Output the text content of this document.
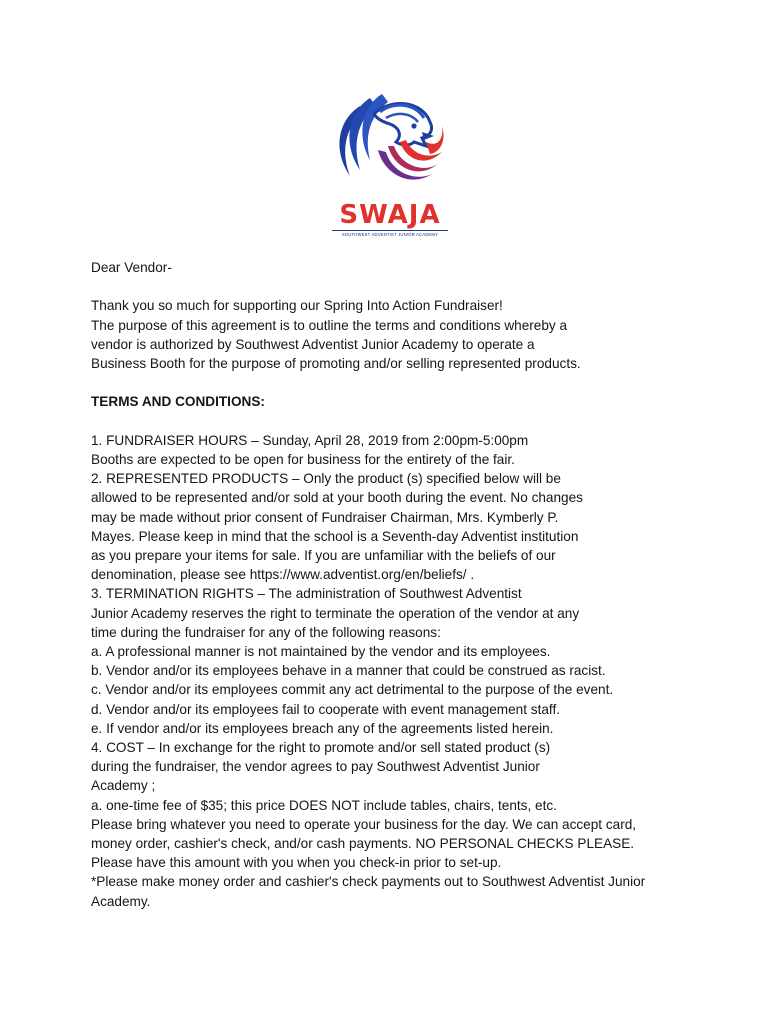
SWAJA
SOUTHWEST ADVENTIST JUNIOR ACADEMY

Dear Vendor-

Thank you so much for supporting our Spring Into Action Fundraiser!

The purpose of this agreement is to outline the terms and conditions whereby a

vendor is authorized by Southwest Adventist Junior Academy to operate a

Business Booth for the purpose of promoting and/or selling represented products.

TERMS AND CONDITIONS:

1. FUNDRAISER HOURS – Sunday, April 28, 2019 from 2:00pm-5:00pm

Booths are expected to be open for business for the entirety of the fair.

2. REPRESENTED PRODUCTS – Only the product (s) specified below will be

allowed to be represented and/or sold at your booth during the event. No changes

may be made without prior consent of Fundraiser Chairman, Mrs. Kymberly P.

Mayes. Please keep in mind that the school is a Seventh-day Adventist institution

as you prepare your items for sale. If you are unfamiliar with the beliefs of our

denomination, please see https://www.adventist.org/en/beliefs/ .

3. TERMINATION RIGHTS – The administration of Southwest Adventist

Junior Academy reserves the right to terminate the operation of the vendor at any

time during the fundraiser for any of the following reasons:

a. A professional manner is not maintained by the vendor and its employees.

b. Vendor and/or its employees behave in a manner that could be construed as racist.

c. Vendor and/or its employees commit any act detrimental to the purpose of the event.

d. Vendor and/or its employees fail to cooperate with event management staff.

e. If vendor and/or its employees breach any of the agreements listed herein.

4. COST – In exchange for the right to promote and/or sell stated product (s)

during the fundraiser, the vendor agrees to pay Southwest Adventist Junior

Academy ;

a. one-time fee of $35; this price DOES NOT include tables, chairs, tents, etc.

Please bring whatever you need to operate your business for the day. We can accept card,

money order, cashier's check, and/or cash payments. NO PERSONAL CHECKS PLEASE.

Please have this amount with you when you check-in prior to set-up.

*Please make money order and cashier's check payments out to Southwest Adventist Junior

Academy.
